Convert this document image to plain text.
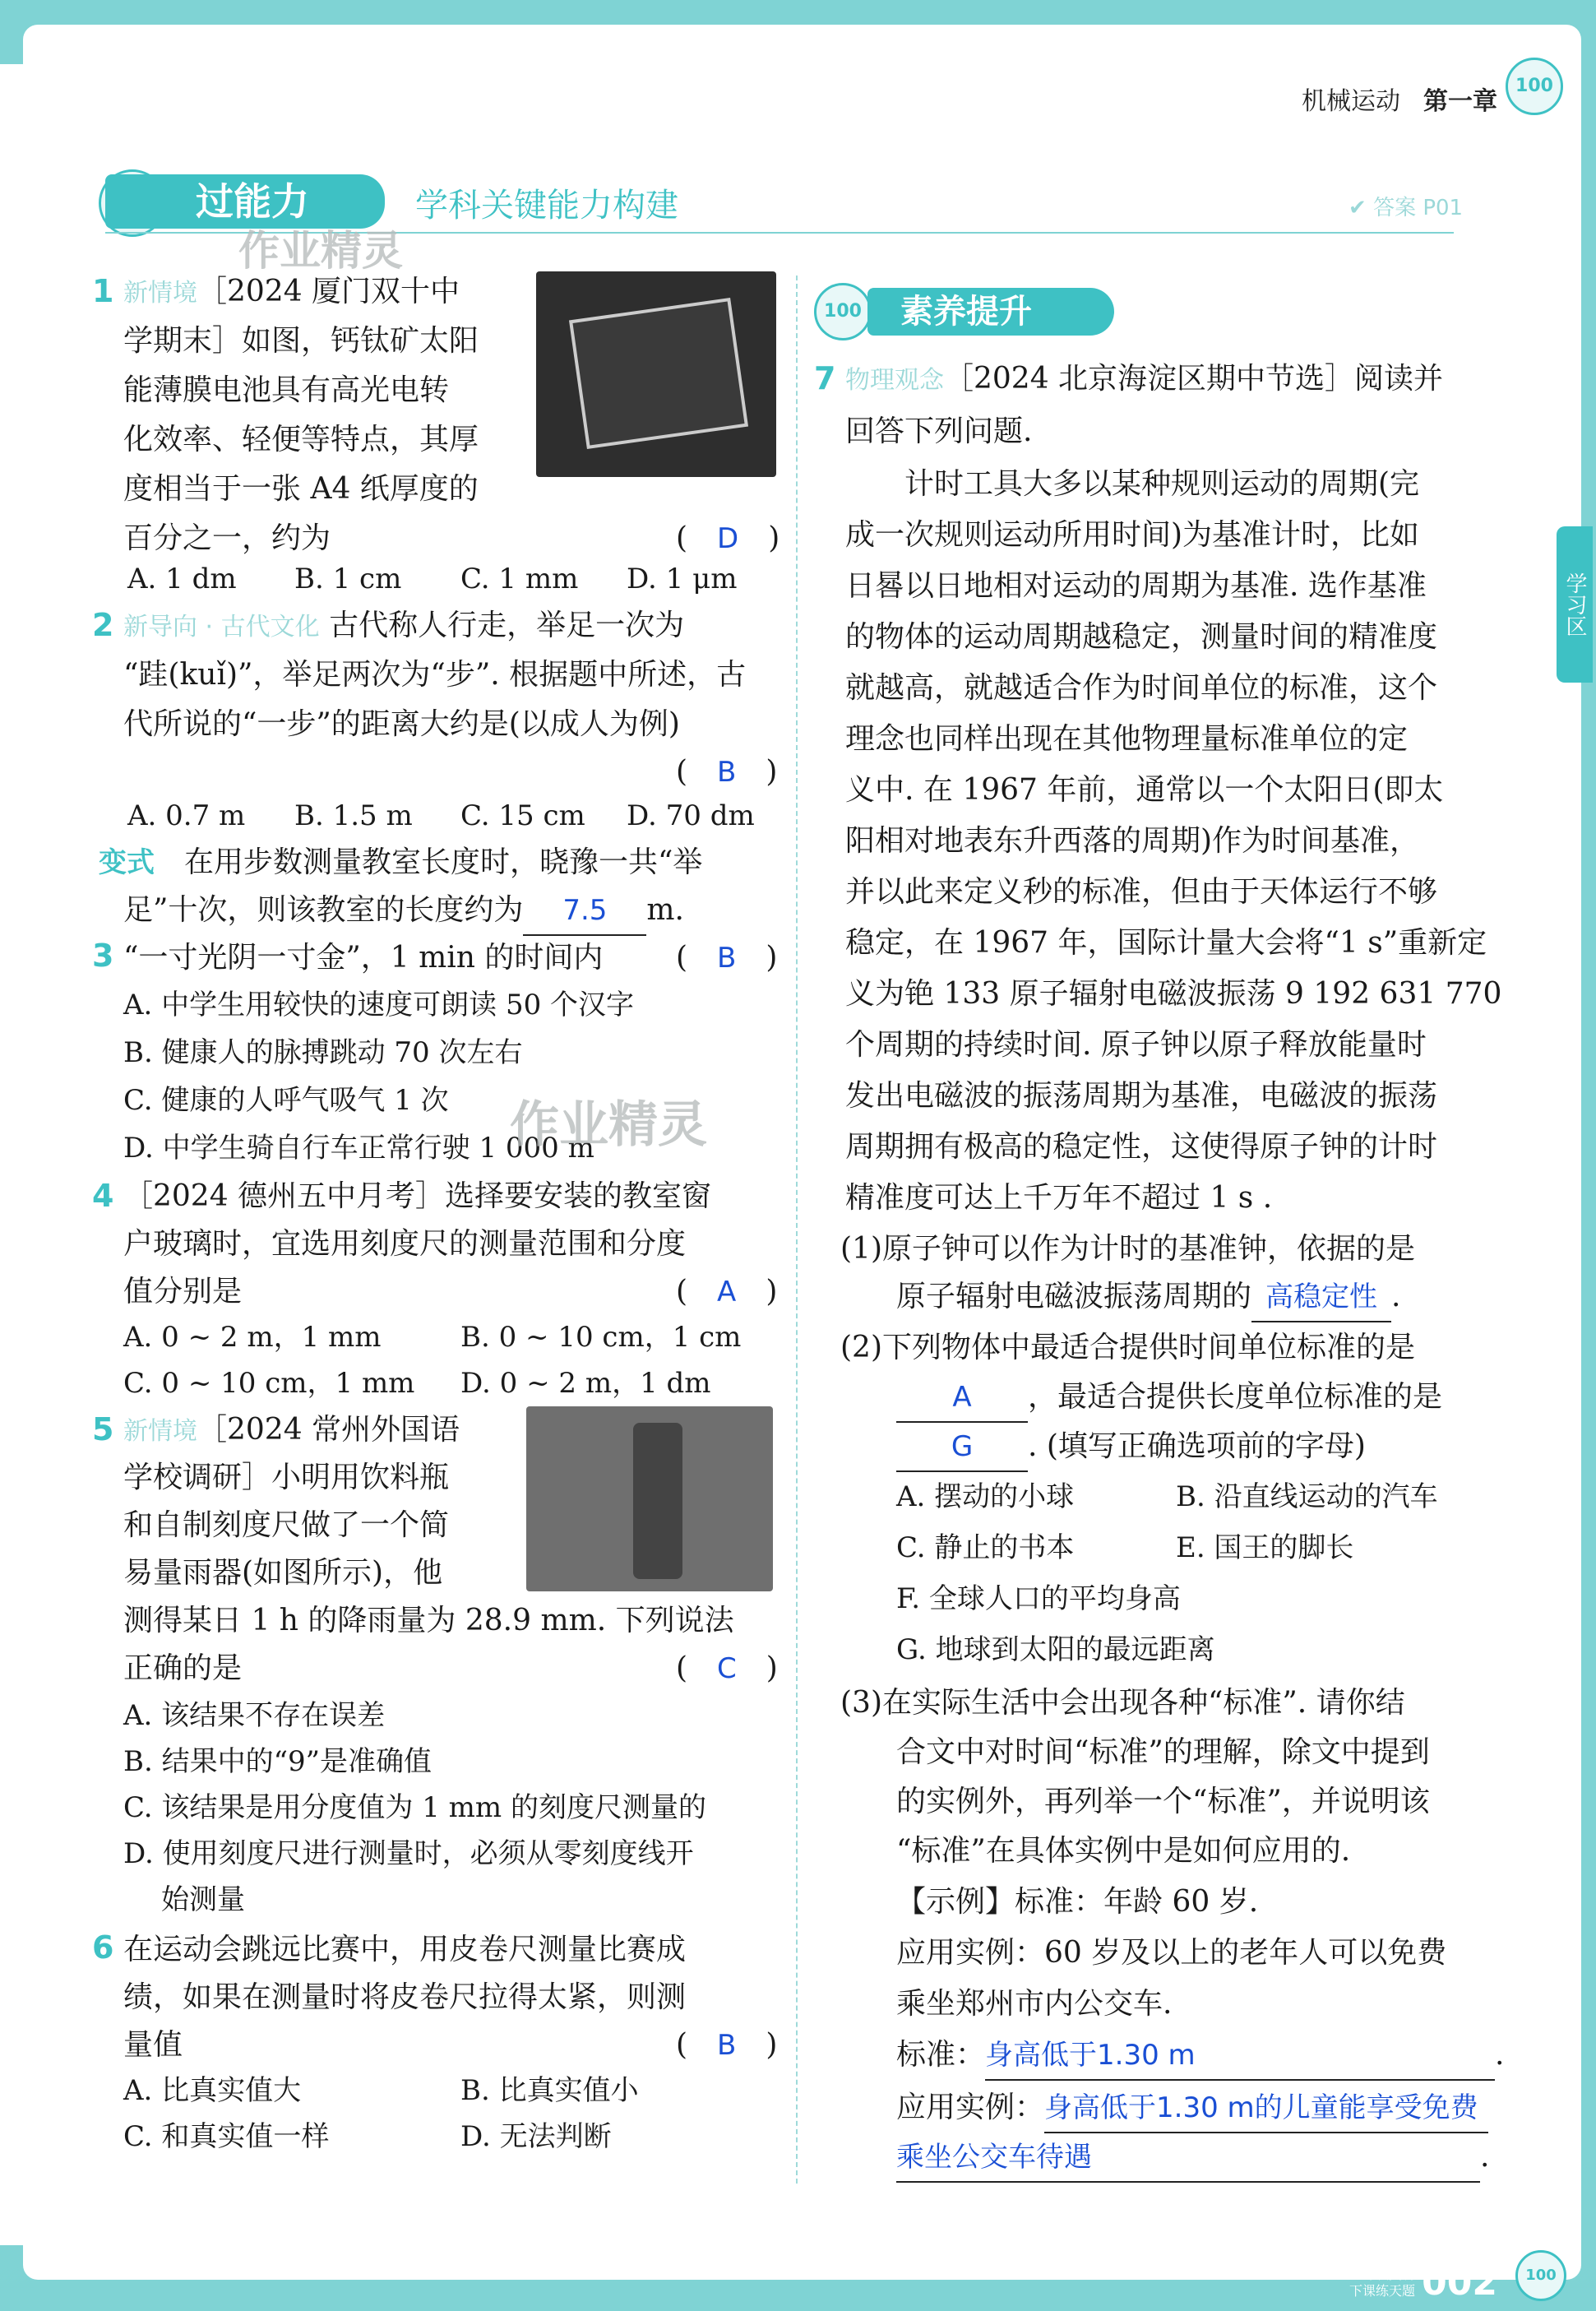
学习区
机械运动 第一章
100
过能力	学科关键能力构建	✔ 答案 P01
作业精灵
1 新情境［2024 厦门双十中
学期末］如图，钙钛矿太阳
能薄膜电池具有高光电转
化效率、轻便等特点，其厚
度相当于一张 A4 纸厚度的
百分之一，约为	(　D　)
A. 1 dm B. 1 cm C. 1 mm D. 1 μm
2 新导向 · 古代文化 古代称人行走，举足一次为
“跬(kuǐ)”，举足两次为“步”. 根据题中所述，古
代所说的“一步”的距离大约是(以成人为例)
(　B　)
A. 0.7 m B. 1.5 m C. 15 cm D. 70 dm
变式　 在用步数测量教室长度时，晓豫一共“举
足”十次，则该教室的长度约为 7.5 m.
3 “一寸光阴一寸金”，1 min 的时间内 (　B　)
A. 中学生用较快的速度可朗读 50 个汉字
B. 健康人的脉搏跳动 70 次左右
C. 健康的人呼气吸气 1 次
D. 中学生骑自行车正常行驶 1 000 m
作业精灵
4 ［2024 德州五中月考］选择要安装的教室窗
户玻璃时，宜选用刻度尺的测量范围和分度
值分别是	(　A　)
A. 0 ~ 2 m，1 mm	B. 0 ~ 10 cm，1 cm
C. 0 ~ 10 cm，1 mm D. 0 ~ 2 m，1 dm
5 新情境［2024 常州外国语
学校调研］小明用饮料瓶
和自制刻度尺做了一个简
易量雨器(如图所示)，他
测得某日 1 h 的降雨量为 28.9 mm. 下列说法
正确的是	(　C　)
A. 该结果不存在误差
B. 结果中的“9”是准确值
C. 该结果是用分度值为 1 mm 的刻度尺测量的
D. 使用刻度尺进行测量时，必须从零刻度线开
始测量
6 在运动会跳远比赛中，用皮卷尺测量比赛成
绩，如果在测量时将皮卷尺拉得太紧，则测
量值	(　B　)
A. 比真实值大	B. 比真实值小
C. 和真实值一样	D. 无法判断
100	素养提升
7 物理观念［2024 北京海淀区期中节选］阅读并
回答下列问题.
计时工具大多以某种规则运动的周期(完
成一次规则运动所用时间)为基准计时，比如
日晷以日地相对运动的周期为基准. 选作基准
的物体的运动周期越稳定，测量时间的精准度
就越高，就越适合作为时间单位的标准，这个
理念也同样出现在其他物理量标准单位的定
义中. 在 1967 年前，通常以一个太阳日(即太
阳相对地表东升西落的周期)作为时间基准，
并以此来定义秒的标准，但由于天体运行不够
稳定，在 1967 年，国际计量大会将“1 s”重新定
义为铯 133 原子辐射电磁波振荡 9 192 631 770
个周期的持续时间. 原子钟以原子释放能量时
发出电磁波的振荡周期为基准，电磁波的振荡
周期拥有极高的稳定性，这使得原子钟的计时
精准度可达上千万年不超过 1 s .
(1)原子钟可以作为计时的基准钟，依据的是
原子辐射电磁波振荡周期的 高稳定性 .
(2)下列物体中最适合提供时间单位标准的是
A ，最适合提供长度单位标准的是
G . (填写正确选项前的字母)
A. 摆动的小球	B. 沿直线运动的汽车
C. 静止的书本	E. 国王的脚长
F. 全球人口的平均身高
G. 地球到太阳的最远距离
(3)在实际生活中会出现各种“标准”. 请你结
合文中对时间“标准”的理解，除文中提到
的实例外，再列举一个“标准”，并说明该
“标准”在具体实例中是如何应用的.
【示例】标准：年龄 60 岁.
应用实例：60 岁及以上的老年人可以免费
乘坐郑州市内公交车.
标准：身高低于1.30 m	.
应用实例：身高低于1.30 m的儿童能享受免费
乘坐公交车待遇	.
上课认真听
下课练天题 002	100
